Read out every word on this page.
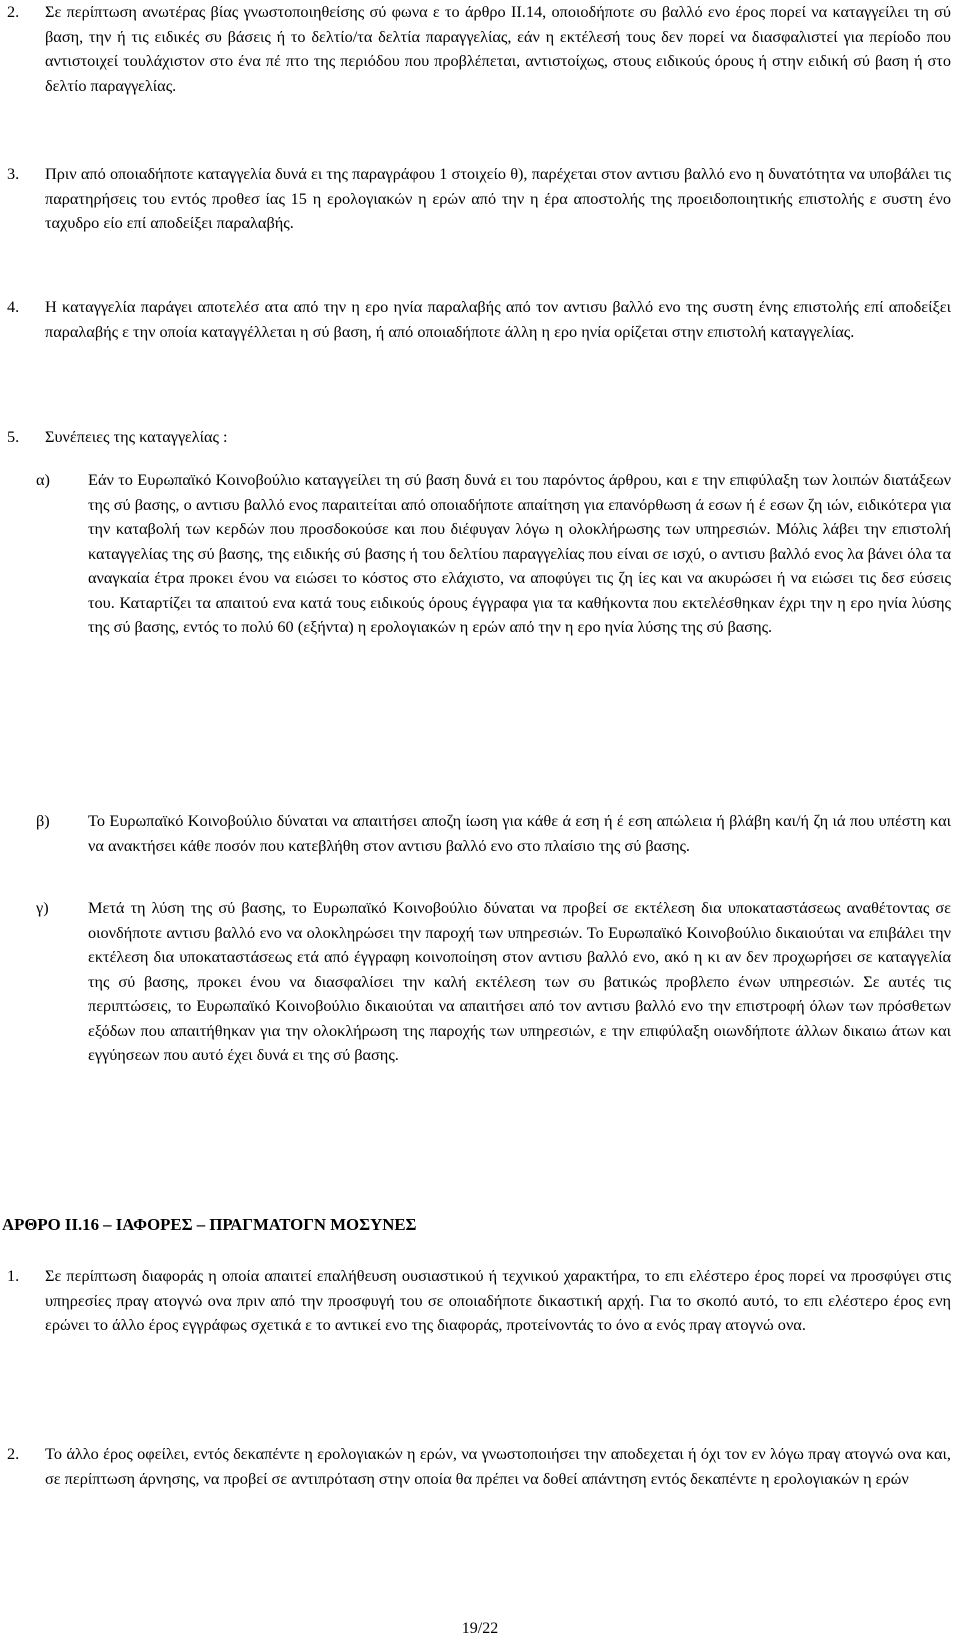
2. Σε περίπτωση ανωτέρας βίας γνωστοποιηθείσης σύ φωνα ε το άρθρο ΙΙ.14, οποιοδήποτε συ βαλλό ενο έρος πορεί να καταγγείλει τη σύ βαση, την ή τις ειδικές συ βάσεις ή το δελτίο/τα δελτία παραγγελίας, εάν η εκτέλεσή τους δεν πορεί να διασφαλιστεί για περίοδο που αντιστοιχεί τουλάχιστον στο ένα πέ πτο της περιόδου που προβλέπεται, αντιστοίχως, στους ειδικούς όρους ή στην ειδική σύ βαση ή στο δελτίο παραγγελίας.
3. Πριν από οποιαδήποτε καταγγελία δυνά ει της παραγράφου 1 στοιχείο θ), παρέχεται στον αντισυ βαλλό ενο η δυνατότητα να υποβάλει τις παρατηρήσεις του εντός προθεσ ίας 15 η ερολογιακών η ερών από την η έρα αποστολής της προειδοποιητικής επιστολής ε συστη ένο ταχυδρο είο επί αποδείξει παραλαβής.
4. Η καταγγελία παράγει αποτελέσ ατα από την η ερο ηνία παραλαβής από τον αντισυ βαλλό ενο της συστη ένης επιστολής επί αποδείξει παραλαβής ε την οποία καταγγέλλεται η σύ βαση, ή από οποιαδήποτε άλλη η ερο ηνία ορίζεται στην επιστολή καταγγελίας.
5. Συνέπειες της καταγγελίας :
α) Εάν το Ευρωπαϊκό Κοινοβούλιο καταγγείλει τη σύ βαση δυνά ει του παρόντος άρθρου, και ε την επιφύλαξη των λοιπών διατάξεων της σύ βασης, ο αντισυ βαλλό ενος παραιτείται από οποιαδήποτε απαίτηση για επανόρθωση ά εσων ή έ εσων ζη ιών, ειδικότερα για την καταβολή των κερδών που προσδοκούσε και που διέφυγαν λόγω η ολοκλήρωσης των υπηρεσιών. Μόλις λάβει την επιστολή καταγγελίας της σύ βασης, της ειδικής σύ βασης ή του δελτίου παραγγελίας που είναι σε ισχύ, ο αντισυ βαλλό ενος λα βάνει όλα τα αναγκαία έτρα προκει ένου να ειώσει το κόστος στο ελάχιστο, να αποφύγει τις ζη ίες και να ακυρώσει ή να ειώσει τις δεσ εύσεις του. Καταρτίζει τα απαιτού ενα κατά τους ειδικούς όρους έγγραφα για τα καθήκοντα που εκτελέσθηκαν έχρι την η ερο ηνία λύσης της σύ βασης, εντός το πολύ 60 (εξήντα) η ερολογιακών η ερών από την η ερο ηνία λύσης της σύ βασης.
β) Το Ευρωπαϊκό Κοινοβούλιο δύναται να απαιτήσει αποζη ίωση για κάθε ά εση ή έ εση απώλεια ή βλάβη και/ή ζη ιά που υπέστη και να ανακτήσει κάθε ποσόν που κατεβλήθη στον αντισυ βαλλό ενο στο πλαίσιο της σύ βασης.
γ) Μετά τη λύση της σύ βασης, το Ευρωπαϊκό Κοινοβούλιο δύναται να προβεί σε εκτέλεση δια υποκαταστάσεως αναθέτοντας σε οιονδήποτε αντισυ βαλλό ενο να ολοκληρώσει την παροχή των υπηρεσιών. Το Ευρωπαϊκό Κοινοβούλιο δικαιούται να επιβάλει την εκτέλεση δια υποκαταστάσεως ετά από έγγραφη κοινοποίηση στον αντισυ βαλλό ενο, ακό η κι αν δεν προχωρήσει σε καταγγελία της σύ βασης, προκει ένου να διασφαλίσει την καλή εκτέλεση των συ βατικώς προβλεπο ένων υπηρεσιών. Σε αυτές τις περιπτώσεις, το Ευρωπαϊκό Κοινοβούλιο δικαιούται να απαιτήσει από τον αντισυ βαλλό ενο την επιστροφή όλων των πρόσθετων εξόδων που απαιτήθηκαν για την ολοκλήρωση της παροχής των υπηρεσιών, ε την επιφύλαξη οιωνδήποτε άλλων δικαιω άτων και εγγύησεων που αυτό έχει δυνά ει της σύ βασης.
ΑΡΘΡΟ ΙΙ.16 – ΙΑΦΟΡΕΣ – ΠΡΑΓΜΑΤΟΓΝ ΜΟΣΥΝΕΣ
1. Σε περίπτωση διαφοράς η οποία απαιτεί επαλήθευση ουσιαστικού ή τεχνικού χαρακτήρα, το επι ελέστερο έρος πορεί να προσφύγει στις υπηρεσίες πραγ ατογνώ ονα πριν από την προσφυγή του σε οποιαδήποτε δικαστική αρχή. Για το σκοπό αυτό, το επι ελέστερο έρος ενη ερώνει το άλλο έρος εγγράφως σχετικά ε το αντικεί ενο της διαφοράς, προτείνοντάς το όνο α ενός πραγ ατογνώ ονα.
2. Το άλλο έρος οφείλει, εντός δεκαπέντε η ερολογιακών η ερών, να γνωστοποιήσει την αποδεχεται ή όχι τον εν λόγω πραγ ατογνώ ονα και, σε περίπτωση άρνησης, να προβεί σε αντιπρόταση στην οποία θα πρέπει να δοθεί απάντηση εντός δεκαπέντε η ερολογιακών η ερών
19/22
